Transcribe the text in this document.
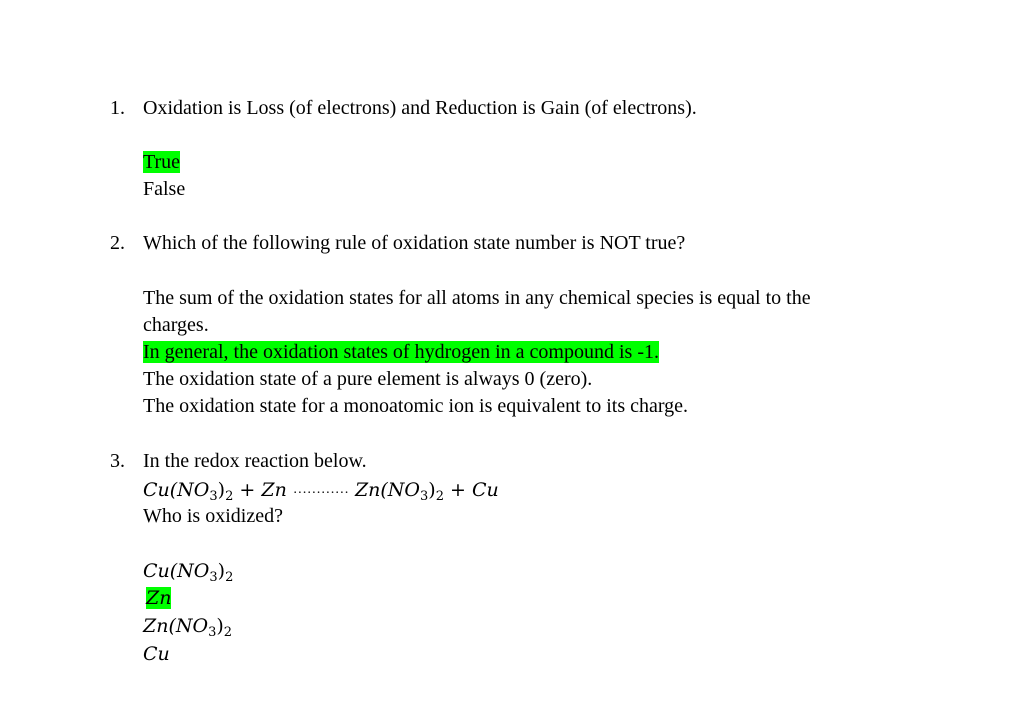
1. Oxidation is Loss (of electrons) and Reduction is Gain (of electrons).
True
False
2. Which of the following rule of oxidation state number is NOT true?
The sum of the oxidation states for all atoms in any chemical species is equal to the
charges.
In general, the oxidation states of hydrogen in a compound is -1.
The oxidation state of a pure element is always 0 (zero).
The oxidation state for a monoatomic ion is equivalent to its charge.
3. In the redox reaction below.
$Cu(NO_3)_2 + Zn$ ………… $Zn(NO_3)_2 + Cu$
Who is oxidized?
$Cu(NO_3)_2$
Zn
$Zn(NO_3)_2$
Cu
